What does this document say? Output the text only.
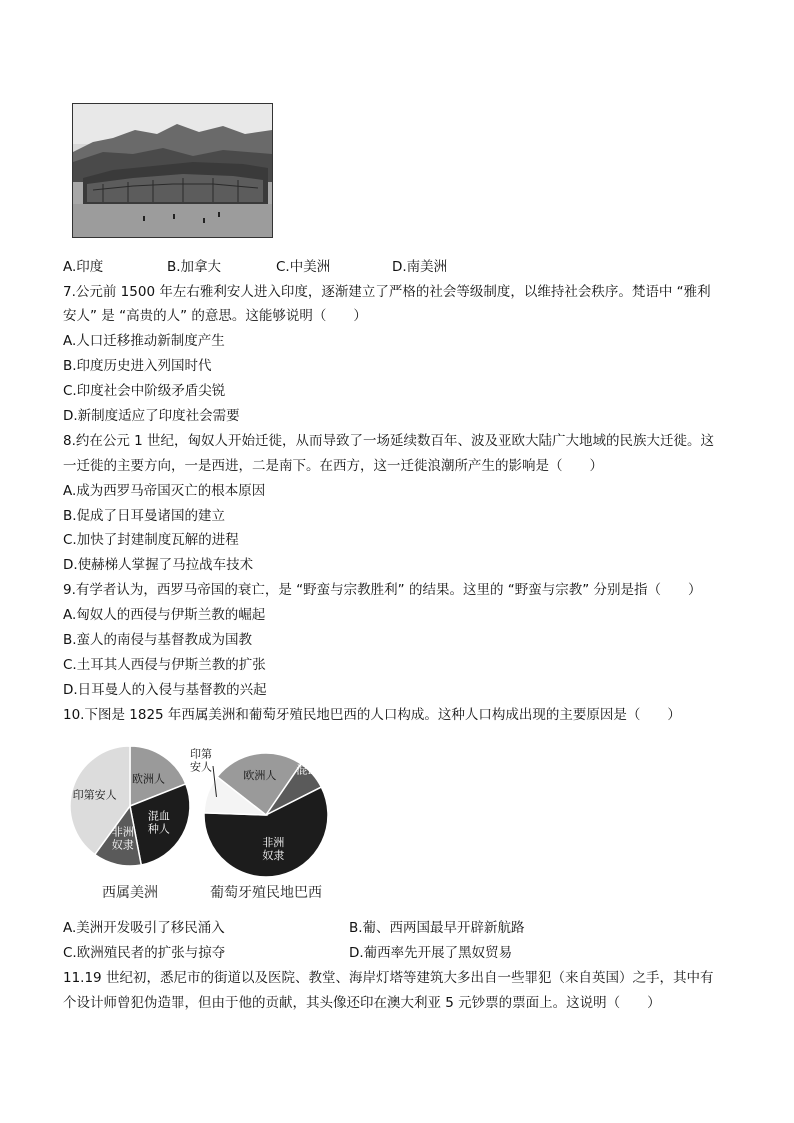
A.印度	B.加拿大	C.中美洲	D.南美洲
7.公元前 1500 年左右雅利安人进入印度，逐渐建立了严格的社会等级制度，以维持社会秩序。梵语中 “雅利
安人” 是 “高贵的人” 的意思。这能够说明（　　）
A.人口迁移推动新制度产生
B.印度历史进入列国时代
C.印度社会中阶级矛盾尖锐
D.新制度适应了印度社会需要
8.约在公元 1 世纪，匈奴人开始迁徙，从而导致了一场延续数百年、波及亚欧大陆广大地域的民族大迁徙。这
一迁徙的主要方向，一是西进，二是南下。在西方，这一迁徙浪潮所产生的影响是（　　）
A.成为西罗马帝国灭亡的根本原因
B.促成了日耳曼诸国的建立
C.加快了封建制度瓦解的进程
D.使赫梯人掌握了马拉战车技术
9.有学者认为，西罗马帝国的衰亡，是 “野蛮与宗教胜利” 的结果。这里的 “野蛮与宗教” 分别是指（　　）
A.匈奴人的西侵与伊斯兰教的崛起
B.蛮人的南侵与基督教成为国教
C.土耳其人西侵与伊斯兰教的扩张
D.日耳曼人的入侵与基督教的兴起
10.下图是 1825 年西属美洲和葡萄牙殖民地巴西的人口构成。这种人口构成出现的主要原因是（　　）
欧洲人
混血种人
非洲奴隶
印第安人
西属美洲
欧洲人 混血种人
非洲奴隶
印第安人
葡萄牙殖民地巴西
A.美洲开发吸引了移民涌入	B.葡、西两国最早开辟新航路
C.欧洲殖民者的扩张与掠夺	D.葡西率先开展了黑奴贸易
11.19 世纪初，悉尼市的街道以及医院、教堂、海岸灯塔等建筑大多出自一些罪犯（来自英国）之手，其中有
个设计师曾犯伪造罪，但由于他的贡献，其头像还印在澳大利亚 5 元钞票的票面上。这说明（　　）
